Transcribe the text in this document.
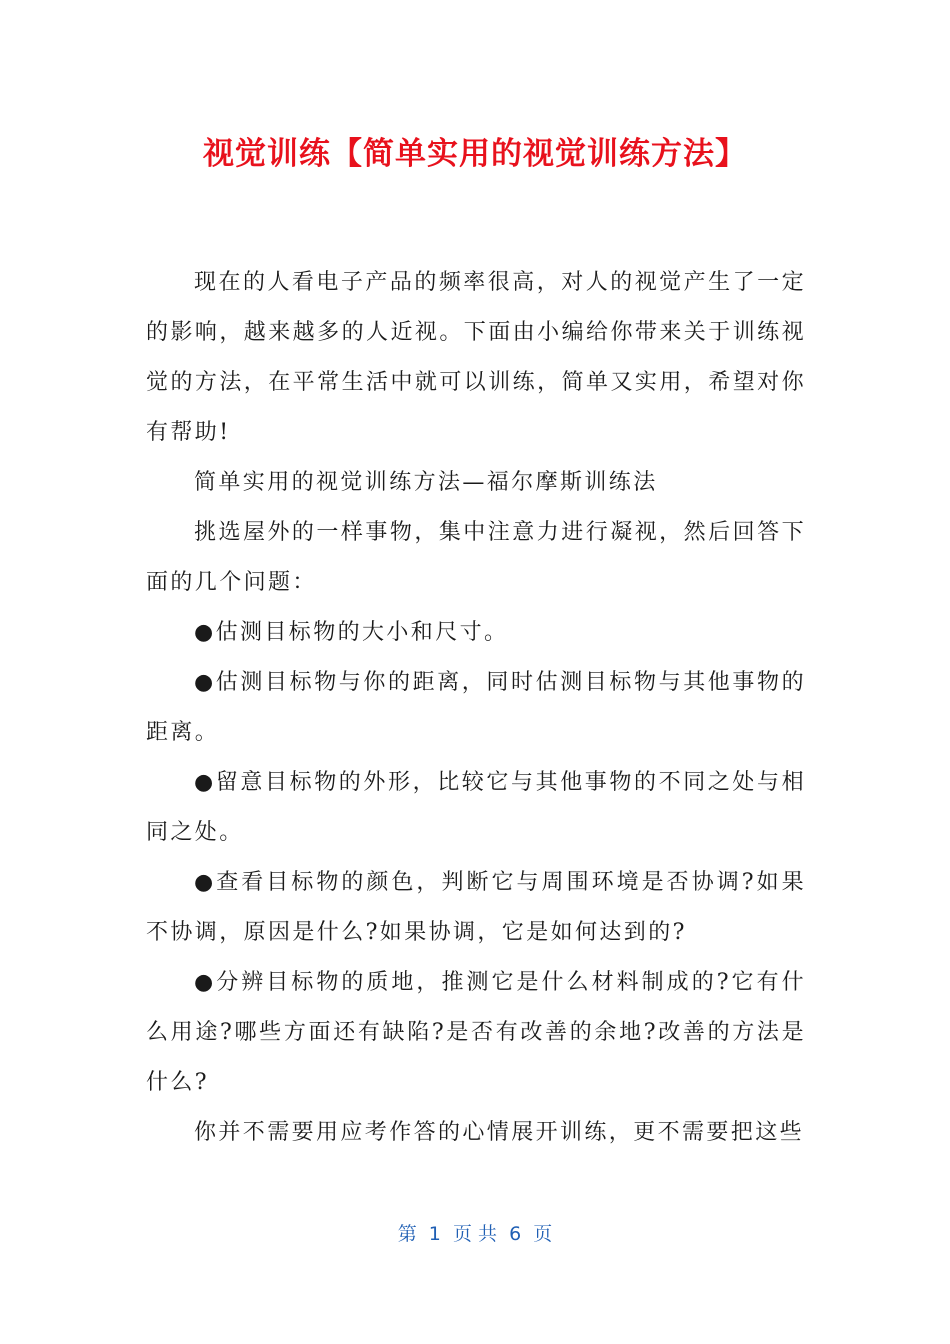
视觉训练【简单实用的视觉训练方法】

现在的人看电子产品的频率很高，对人的视觉产生了一定的影响，越来越多的人近视。下面由小编给你带来关于训练视觉的方法，在平常生活中就可以训练，简单又实用，希望对你有帮助!

简单实用的视觉训练方法—福尔摩斯训练法

挑选屋外的一样事物，集中注意力进行凝视，然后回答下面的几个问题：

●估测目标物的大小和尺寸。

●估测目标物与你的距离，同时估测目标物与其他事物的距离。

●留意目标物的外形，比较它与其他事物的不同之处与相同之处。

●查看目标物的颜色，判断它与周围环境是否协调?如果不协调，原因是什么?如果协调，它是如何达到的?

●分辨目标物的质地，推测它是什么材料制成的?它有什么用途?哪些方面还有缺陷?是否有改善的余地?改善的方法是什么?

你并不需要用应考作答的心情展开训练，更不需要把这些

第  1  页 共  6  页
